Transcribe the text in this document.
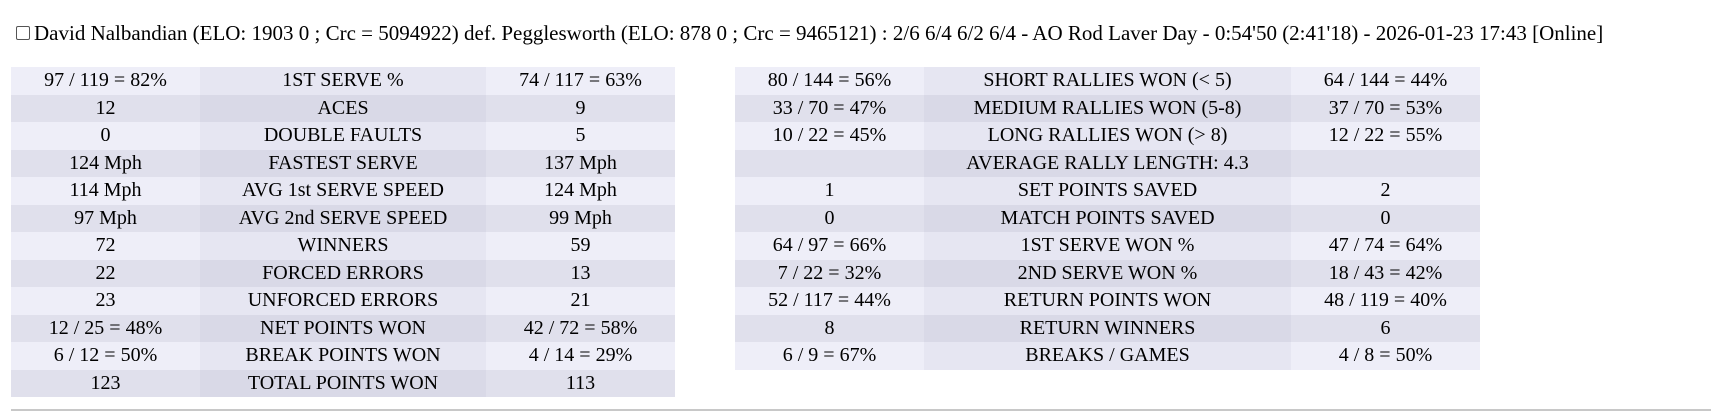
David Nalbandian (ELO: 1903 0 ; Crc = 5094922) def. Pegglesworth (ELO: 878 0 ; Crc = 9465121) : 2/6 6/4 6/2 6/4 - AO Rod Laver Day - 0:54'50 (2:41'18) - 2026-01-23 17:43 [Online]
97 / 119 = 82%	1ST SERVE %	74 / 117 = 63%
12	ACES	9
0	DOUBLE FAULTS	5
124 Mph	FASTEST SERVE	137 Mph
114 Mph	AVG 1st SERVE SPEED	124 Mph
97 Mph	AVG 2nd SERVE SPEED	99 Mph
72	WINNERS	59
22	FORCED ERRORS	13
23	UNFORCED ERRORS	21
12 / 25 = 48%	NET POINTS WON	42 / 72 = 58%
6 / 12 = 50%	BREAK POINTS WON	4 / 14 = 29%
123	TOTAL POINTS WON	113
80 / 144 = 56%	SHORT RALLIES WON (< 5)	64 / 144 = 44%
33 / 70 = 47%	MEDIUM RALLIES WON (5-8)	37 / 70 = 53%
10 / 22 = 45%	LONG RALLIES WON (> 8)	12 / 22 = 55%
	AVERAGE RALLY LENGTH: 4.3	
1	SET POINTS SAVED	2
0	MATCH POINTS SAVED	0
64 / 97 = 66%	1ST SERVE WON %	47 / 74 = 64%
7 / 22 = 32%	2ND SERVE WON %	18 / 43 = 42%
52 / 117 = 44%	RETURN POINTS WON	48 / 119 = 40%
8	RETURN WINNERS	6
6 / 9 = 67%	BREAKS / GAMES	4 / 8 = 50%
